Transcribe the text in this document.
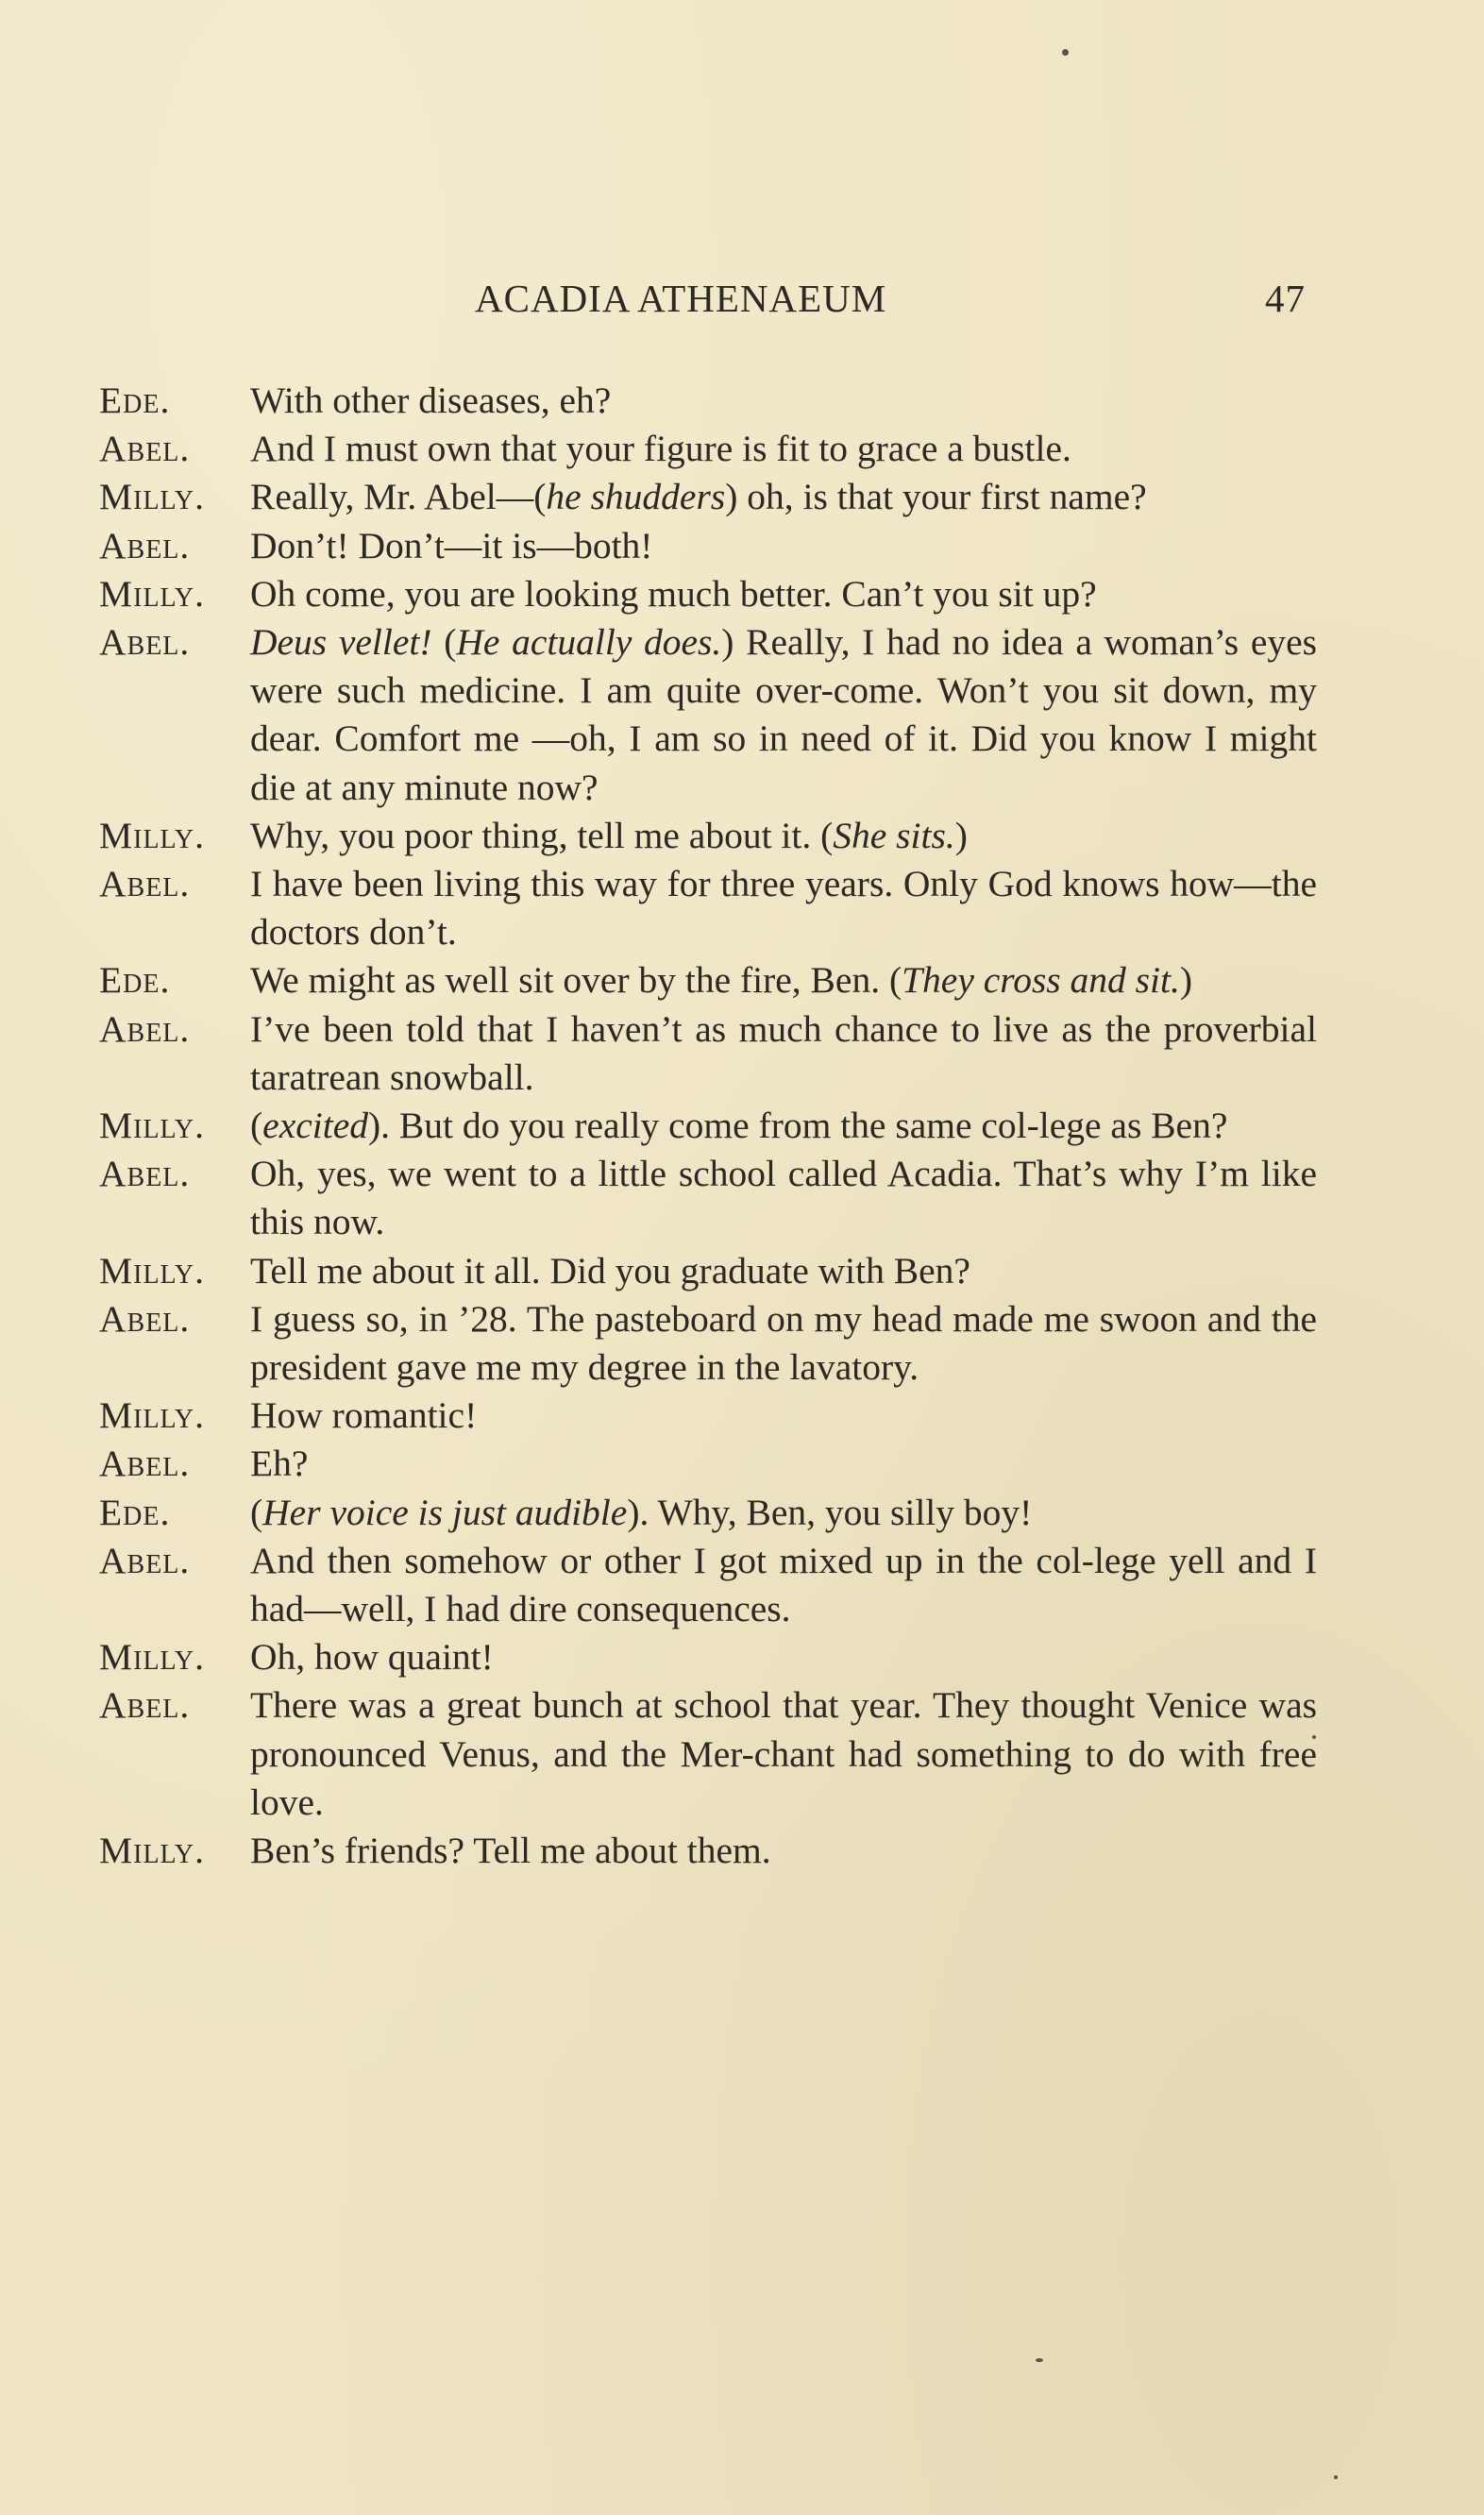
ACADIA ATHENAEUM	47
Ede. With other diseases, eh?
Abel. And I must own that your figure is fit to grace a bustle.
Milly. Really, Mr. Abel—(he shudders) oh, is that your first name?
Abel. Don’t! Don’t—it is—both!
Milly. Oh come, you are looking much better. Can’t you sit up?
Abel. Deus vellet! (He actually does.) Really, I had no idea a woman’s eyes were such medicine. I am quite over-come. Won’t you sit down, my dear. Comfort me —oh, I am so in need of it. Did you know I might die at any minute now?
Milly. Why, you poor thing, tell me about it. (She sits.)
Abel. I have been living this way for three years. Only God knows how—the doctors don’t.
Ede. We might as well sit over by the fire, Ben. (They cross and sit.)
Abel. I’ve been told that I haven’t as much chance to live as the proverbial taratrean snowball.
Milly. (excited). But do you really come from the same col-lege as Ben?
Abel. Oh, yes, we went to a little school called Acadia. That’s why I’m like this now.
Milly. Tell me about it all. Did you graduate with Ben?
Abel. I guess so, in ’28. The pasteboard on my head made me swoon and the president gave me my degree in the lavatory.
Milly. How romantic!
Abel. Eh?
Ede. (Her voice is just audible). Why, Ben, you silly boy!
Abel. And then somehow or other I got mixed up in the col-lege yell and I had—well, I had dire consequences.
Milly. Oh, how quaint!
Abel. There was a great bunch at school that year. They thought Venice was pronounced Venus, and the Mer-chant had something to do with free love.
Milly. Ben’s friends? Tell me about them.
